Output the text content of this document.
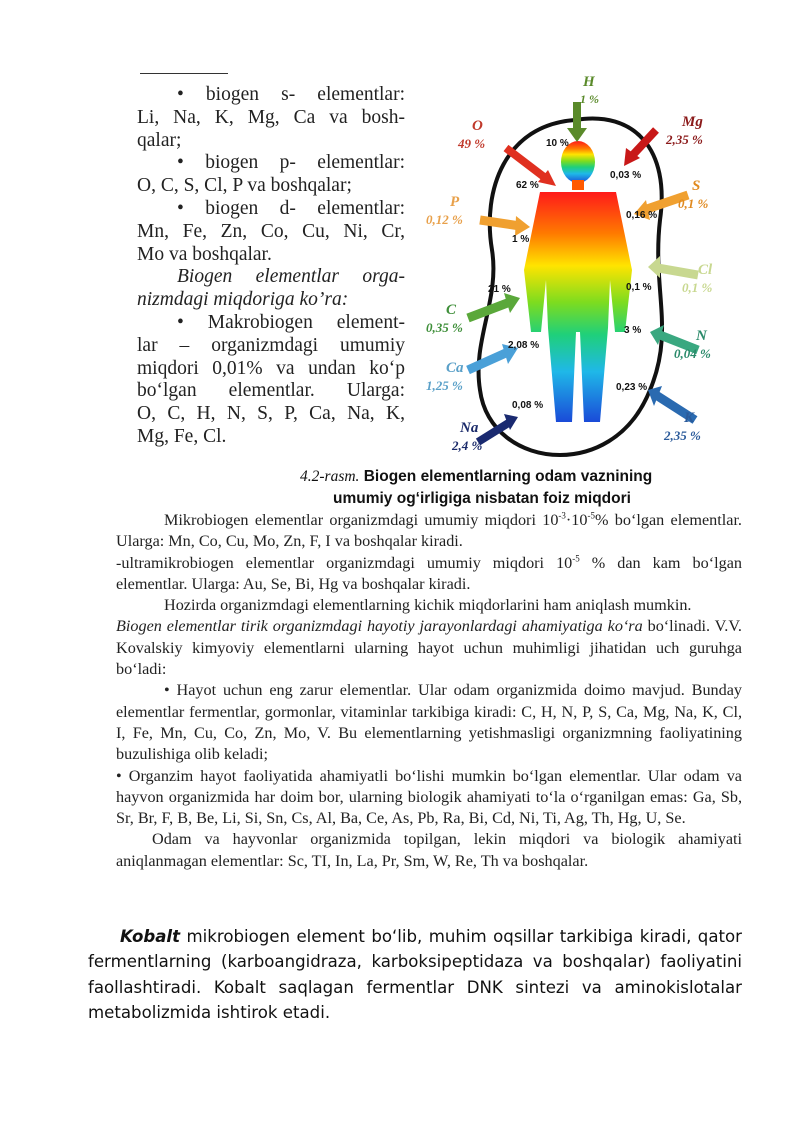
• biogen s- elementlar:
Li, Na, K, Mg, Ca va bosh-
qalar;
• biogen p- elementlar:
O, C, S, Cl, P va boshqalar;
• biogen d- elementlar:
Mn, Fe, Zn, Co, Cu, Ni, Cr,
Mo va boshqalar.
Biogen elementlar orga-
nizmdagi miqdoriga ko’ra:
• Makrobiogen element-
lar – organizmdagi umumiy
miqdori 0,01% va undan ko‘p
bo‘lgan elementlar. Ularga:
O, C, H, N, S, P, Ca, Na, K,
Mg, Fe, Cl.
H
1 %
O
49 %
Mg
2,35 %
P
0,12 %
S
0,1 %
Cl
0,1 %
C
0,35 %
N
0,04 %
Ca
1,25 %
K
2,35 %
Na
2,4 %
10 %
62 %
0,03 %
1 %
0,16 %
21 %	0,1 %
3 %
2,08 %
0,23 %
0,08 %
4.2-rasm. Biogen elementlarning odam vaznining
umumiy og‘irligiga nisbatan foiz miqdori

Mikrobiogen elementlar organizmdagi umumiy miqdori $10^{-3}\cdot 10^{-5}\%$ bo‘lgan elementlar. Ularga: Mn, Co, Cu, Mo, Zn, F, I va boshqalar kiradi.

-ultramikrobiogen elementlar organizmdagi umumiy miqdori $10^{-5}$ % dan kam bo‘lgan elementlar. Ularga: Au, Se, Bi, Hg va boshqalar kiradi.

Hozirda organizmdagi elementlarning kichik miqdorlarini ham aniqlash mumkin.

Biogen elementlar tirik organizmdagi hayotiy jarayonlardagi ahamiyatiga ko‘ra bo‘linadi. V.V. Kovalskiy kimyoviy elementlarni ularning hayot uchun muhimligi jihatidan uch guruhga bo‘ladi:

• Hayot uchun eng zarur elementlar. Ular odam organizmida doimo mavjud. Bunday elementlar fermentlar, gormonlar, vitaminlar tarkibiga kiradi: C, H, N, P, S, Ca, Mg, Na, K, Cl, I, Fe, Mn, Cu, Co, Zn, Mo, V. Bu elementlarning yetishmasligi organizmning faoliyatining buzulishiga olib keladi;

• Organzim hayot faoliyatida ahamiyatli bo‘lishi mumkin bo‘lgan elementlar. Ular odam va hayvon organizmida har doim bor, ularning biologik ahamiyati to‘la o‘rganilgan emas: Ga, Sb, Sr, Br, F, B, Be, Li, Si, Sn, Cs, Al, Ba, Ce, As, Pb, Ra, Bi, Cd, Ni, Ti, Ag, Th, Hg, U, Se.

Odam va hayvonlar organizmida topilgan, lekin miqdori va biologik ahamiyati aniqlanmagan elementlar: Sc, TI, In, La, Pr, Sm, W, Re, Th va boshqalar.

Kobalt mikrobiogen element bo‘lib, muhim oqsillar tarkibiga kiradi, qator fermentlarning (karboangidraza, karboksipeptidaza va boshqalar) faoliyatini faollashtiradi. Kobalt saqlagan fermentlar DNK sintezi va aminokislotalar metabolizmida ishtirok etadi.
